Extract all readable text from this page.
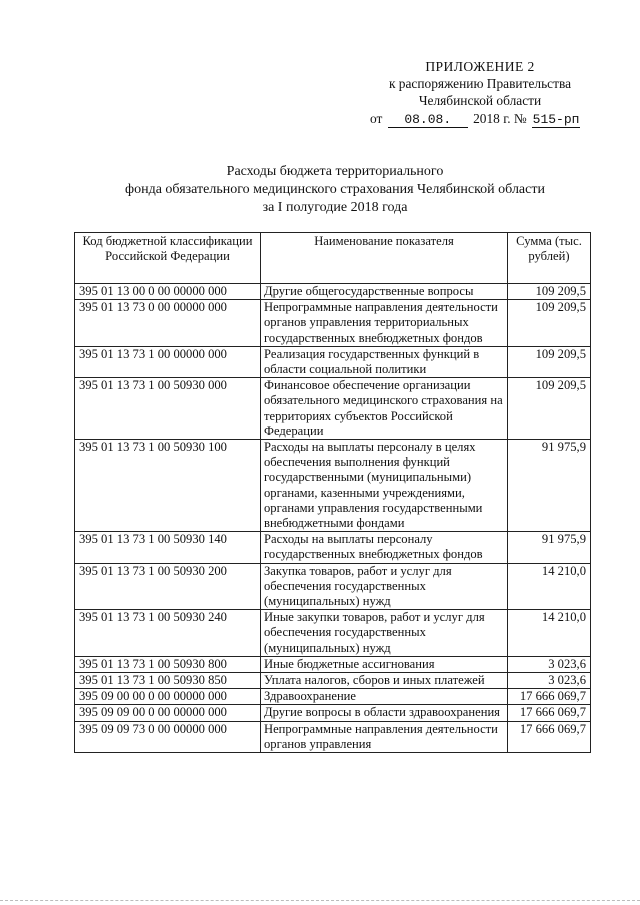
ПРИЛОЖЕНИЕ 2
к распоряжению Правительства
Челябинской области
от 08.08. 2018 г. № 515-рп
Расходы бюджета территориального
фонда обязательного медицинского страхования Челябинской области
за I полугодие 2018 года
Код бюджетной классификации Российской Федерации	Наименование показателя	Сумма (тыс. рублей)
395 01 13 00 0 00 00000 000	Другие общегосударственные вопросы	109 209,5
395 01 13 73 0 00 00000 000	Непрограммные направления деятельности органов управления территориальных государственных внебюджетных фондов	109 209,5
395 01 13 73 1 00 00000 000	Реализация государственных функций в области социальной политики	109 209,5
395 01 13 73 1 00 50930 000	Финансовое обеспечение организации обязательного медицинского страхования на территориях субъектов Российской Федерации	109 209,5
395 01 13 73 1 00 50930 100	Расходы на выплаты персоналу в целях обеспечения выполнения функций государственными (муниципальными) органами, казенными учреждениями, органами управления государственными внебюджетными фондами	91 975,9
395 01 13 73 1 00 50930 140	Расходы на выплаты персоналу государственных внебюджетных фондов	91 975,9
395 01 13 73 1 00 50930 200	Закупка товаров, работ и услуг для обеспечения государственных (муниципальных) нужд	14 210,0
395 01 13 73 1 00 50930 240	Иные закупки товаров, работ и услуг для обеспечения государственных (муниципальных) нужд	14 210,0
395 01 13 73 1 00 50930 800	Иные бюджетные ассигнования	3 023,6
395 01 13 73 1 00 50930 850	Уплата налогов, сборов и иных платежей	3 023,6
395 09 00 00 0 00 00000 000	Здравоохранение	17 666 069,7
395 09 09 00 0 00 00000 000	Другие вопросы в области здравоохранения	17 666 069,7
395 09 09 73 0 00 00000 000	Непрограммные направления деятельности органов управления	17 666 069,7
